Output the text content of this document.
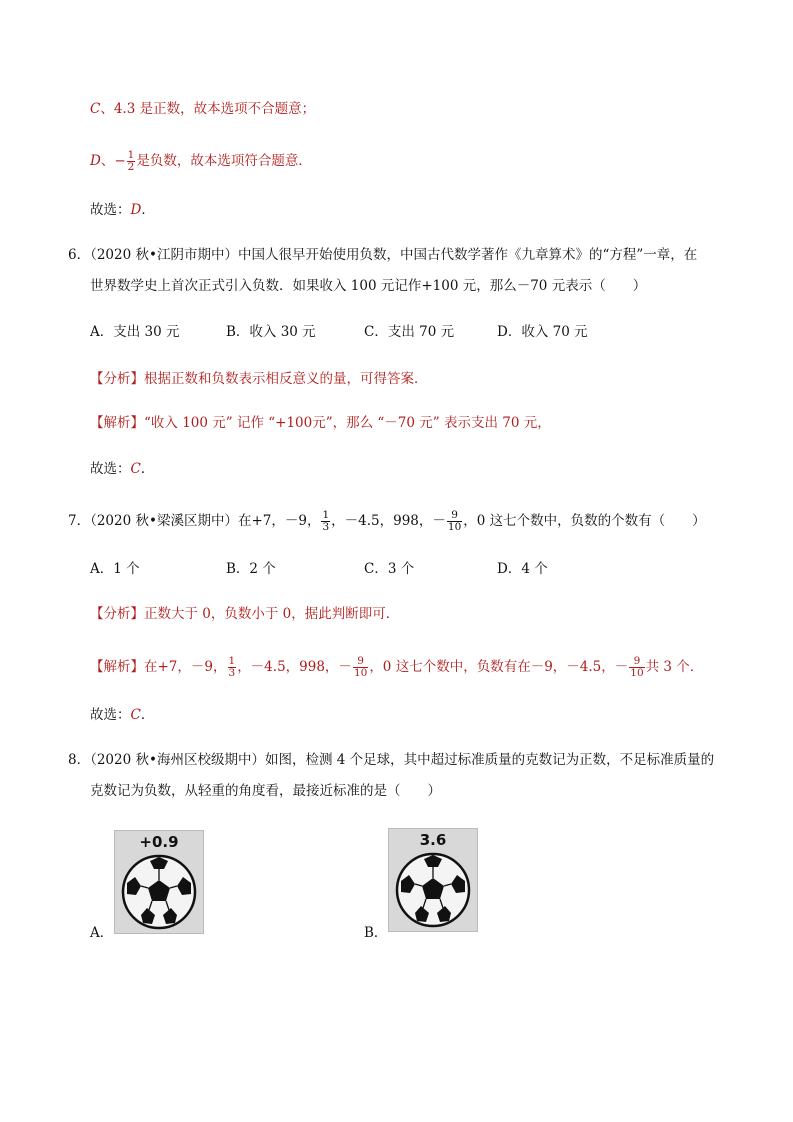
C、4.3 是正数，故本选项不合题意；
D、− $\frac{1}{2}$ 是负数，故本选项符合题意．
故选：D．
6．（2020 秋•江阴市期中）中国人很早开始使用负数，中国古代数学著作《九章算术》的“方程”一章，在
世界数学史上首次正式引入负数．如果收入 100 元记作+100 元，那么－70 元表示（　　）
A．支出 30 元	B．收入 30 元	C．支出 70 元	D．收入 70 元
【分析】根据正数和负数表示相反意义的量，可得答案．
【解析】“收入 100 元” 记作 “+100元”，那么 “－70 元” 表示支出 70 元，
故选：C．
7．（2020 秋•梁溪区期中）在+7，－9， $\frac{1}{3}$ ，－4.5，998，－ $\frac{9}{10}$ ，0 这七个数中，负数的个数有（　　）
A．1 个	B．2 个	C．3 个	D．4 个
【分析】正数大于 0，负数小于 0，据此判断即可．
【解析】在+7，－9， $\frac{1}{3}$ ，－4.5，998，－ $\frac{9}{10}$ ，0 这七个数中，负数有在－9，－4.5，－ $\frac{9}{10}$ 共 3 个．
故选：C．
8．（2020 秋•海州区校级期中）如图，检测 4 个足球，其中超过标准质量的克数记为正数，不足标准质量的
克数记为负数，从轻重的角度看，最接近标准的是（　　）
A．
+0.9
B．
3.6
